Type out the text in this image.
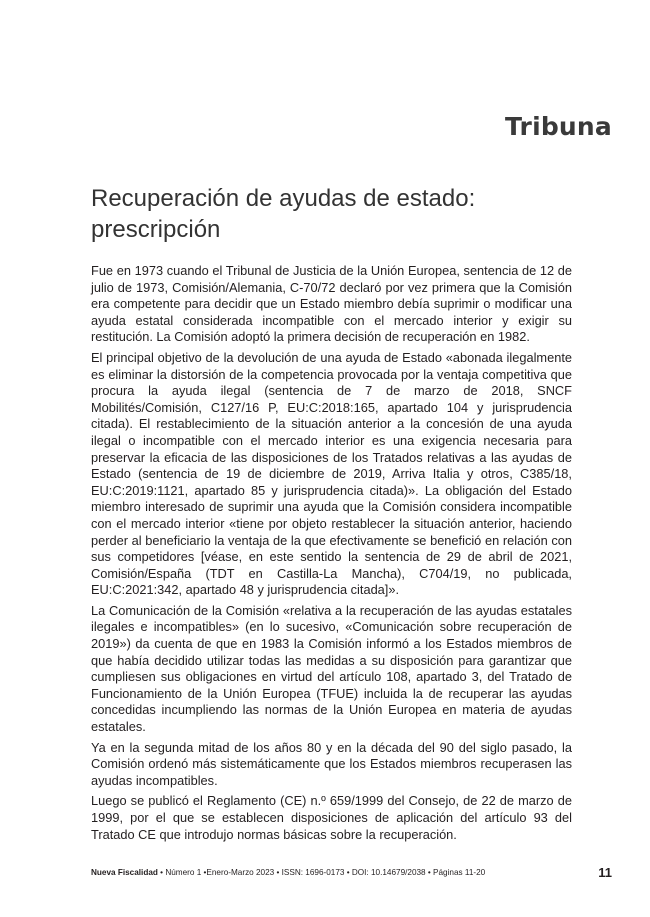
Tribuna
Recuperación de ayudas de estado:
prescripción

Fue en 1973 cuando el Tribunal de Justicia de la Unión Europea, sentencia de 12 de julio de 1973, Comisión/Alemania, C-70/72 declaró por vez primera que la Comisión era competente para decidir que un Estado miembro debía suprimir o modificar una ayuda estatal considerada incompatible con el mercado interior y exigir su restitución. La Comisión adoptó la primera decisión de recuperación en 1982.

El principal objetivo de la devolución de una ayuda de Estado «abonada ilegalmente es eliminar la distorsión de la competencia provocada por la ventaja competitiva que procura la ayuda ilegal (sentencia de 7 de marzo de 2018, SNCF Mobilités/Comisión, C127/16 P, EU:C:2018:165, apartado 104 y jurisprudencia citada). El restablecimiento de la situación anterior a la concesión de una ayuda ilegal o incompatible con el mercado interior es una exigencia necesaria para preservar la eficacia de las disposiciones de los Tratados relativas a las ayudas de Estado (sentencia de 19 de diciembre de 2019, Arriva Italia y otros, C385/18, EU:C:2019:1121, apartado 85 y jurisprudencia citada)». La obligación del Estado miembro interesado de suprimir una ayuda que la Comisión considera incompatible con el mercado interior «tiene por objeto restablecer la situación anterior, haciendo perder al beneficiario la ventaja de la que efectivamente se benefició en relación con sus competidores [véase, en este sentido la sentencia de 29 de abril de 2021, Comisión/España (TDT en Castilla-La Mancha), C704/19, no publicada, EU:C:2021:342, apartado 48 y jurisprudencia citada]».

La Comunicación de la Comisión «relativa a la recuperación de las ayudas estatales ilegales e incompatibles» (en lo sucesivo, «Comunicación sobre recuperación de 2019») da cuenta de que en 1983 la Comisión informó a los Estados miembros de que había decidido utilizar todas las medidas a su disposición para garantizar que cumpliesen sus obligaciones en virtud del artículo 108, apartado 3, del Tratado de Funcionamiento de la Unión Europea (TFUE) incluida la de recuperar las ayudas concedidas incumpliendo las normas de la Unión Europea en materia de ayudas estatales.

Ya en la segunda mitad de los años 80 y en la década del 90 del siglo pasado, la Comisión ordenó más sistemáticamente que los Estados miembros recuperasen las ayudas incompatibles.

Luego se publicó el Reglamento (CE) n.º 659/1999 del Consejo, de 22 de marzo de 1999, por el que se establecen disposiciones de aplicación del artículo 93 del Tratado CE que introdujo normas básicas sobre la recuperación.

Nueva Fiscalidad • Número 1 •Enero-Marzo 2023 • ISSN: 1696-0173 • DOI: 10.14679/2038 • Páginas 11-20	11
